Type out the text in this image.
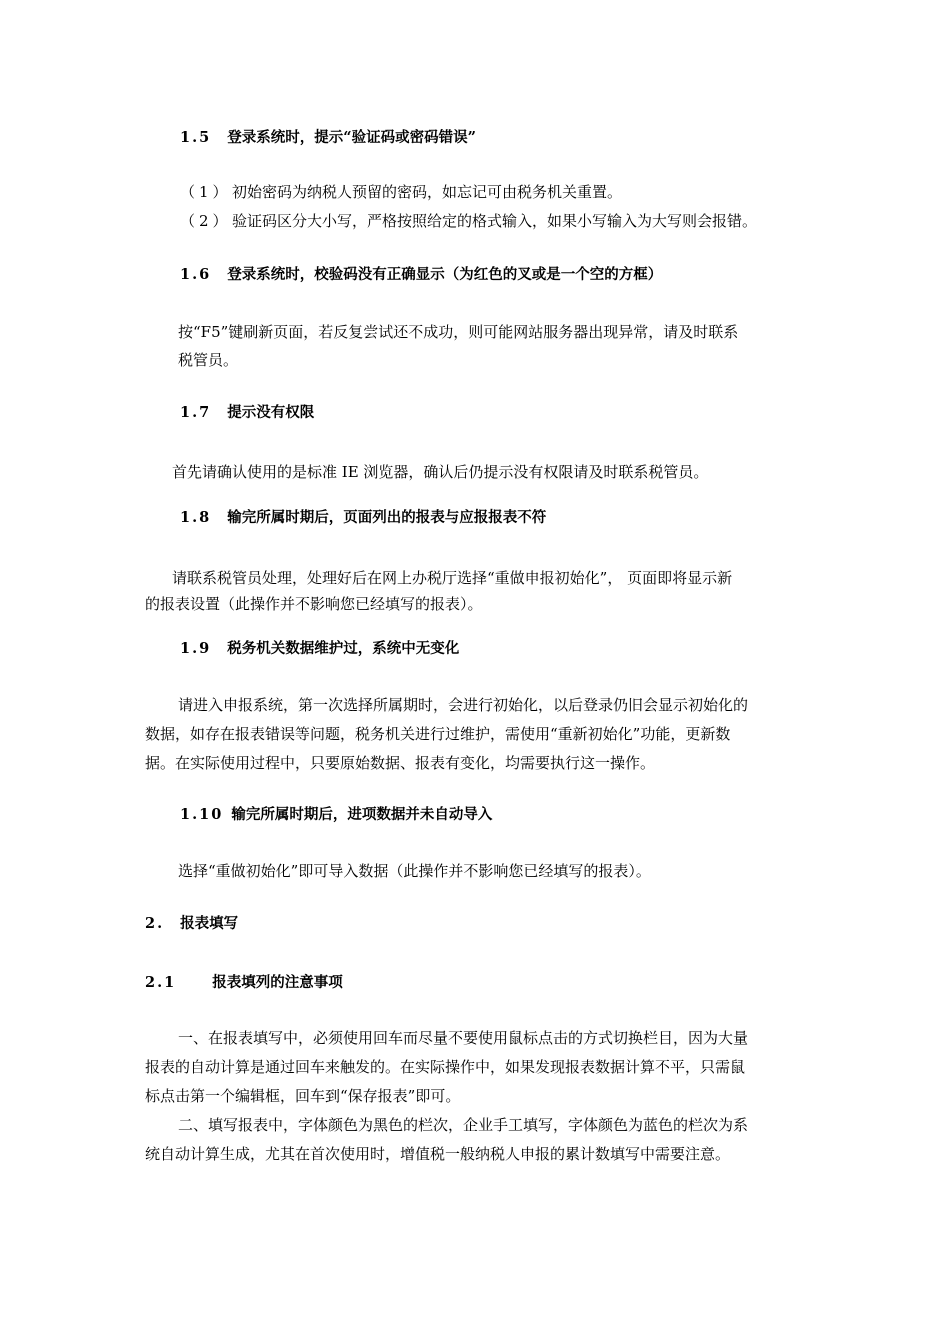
1.5 登录系统时，提示“验证码或密码错误”
（1）初始密码为纳税人预留的密码，如忘记可由税务机关重置。
（2）验证码区分大小写，严格按照给定的格式输入，如果小写输入为大写则会报错。
1.6 登录系统时，校验码没有正确显示（为红色的叉或是一个空的方框）
按“F5”键刷新页面，若反复尝试还不成功，则可能网站服务器出现异常，请及时联系
税管员。
1.7 提示没有权限
首先请确认使用的是标准 IE 浏览器，确认后仍提示没有权限请及时联系税管员。
1.8 输完所属时期后，页面列出的报表与应报报表不符
请联系税管员处理，处理好后在网上办税厅选择“重做申报初始化”， 页面即将显示新
的报表设置（此操作并不影响您已经填写的报表）。
1.9 税务机关数据维护过，系统中无变化
请进入申报系统，第一次选择所属期时，会进行初始化，以后登录仍旧会显示初始化的
数据，如存在报表错误等问题，税务机关进行过维护，需使用“重新初始化”功能，更新数
据。在实际使用过程中，只要原始数据、报表有变化，均需要执行这一操作。
1.10 输完所属时期后，进项数据并未自动导入
选择“重做初始化”即可导入数据（此操作并不影响您已经填写的报表）。
2. 报表填写
2.1 报表填列的注意事项
一、在报表填写中，必须使用回车而尽量不要使用鼠标点击的方式切换栏目，因为大量
报表的自动计算是通过回车来触发的。在实际操作中，如果发现报表数据计算不平，只需鼠
标点击第一个编辑框，回车到“保存报表”即可。
二、填写报表中，字体颜色为黑色的栏次，企业手工填写，字体颜色为蓝色的栏次为系
统自动计算生成，尤其在首次使用时，增值税一般纳税人申报的累计数填写中需要注意。
